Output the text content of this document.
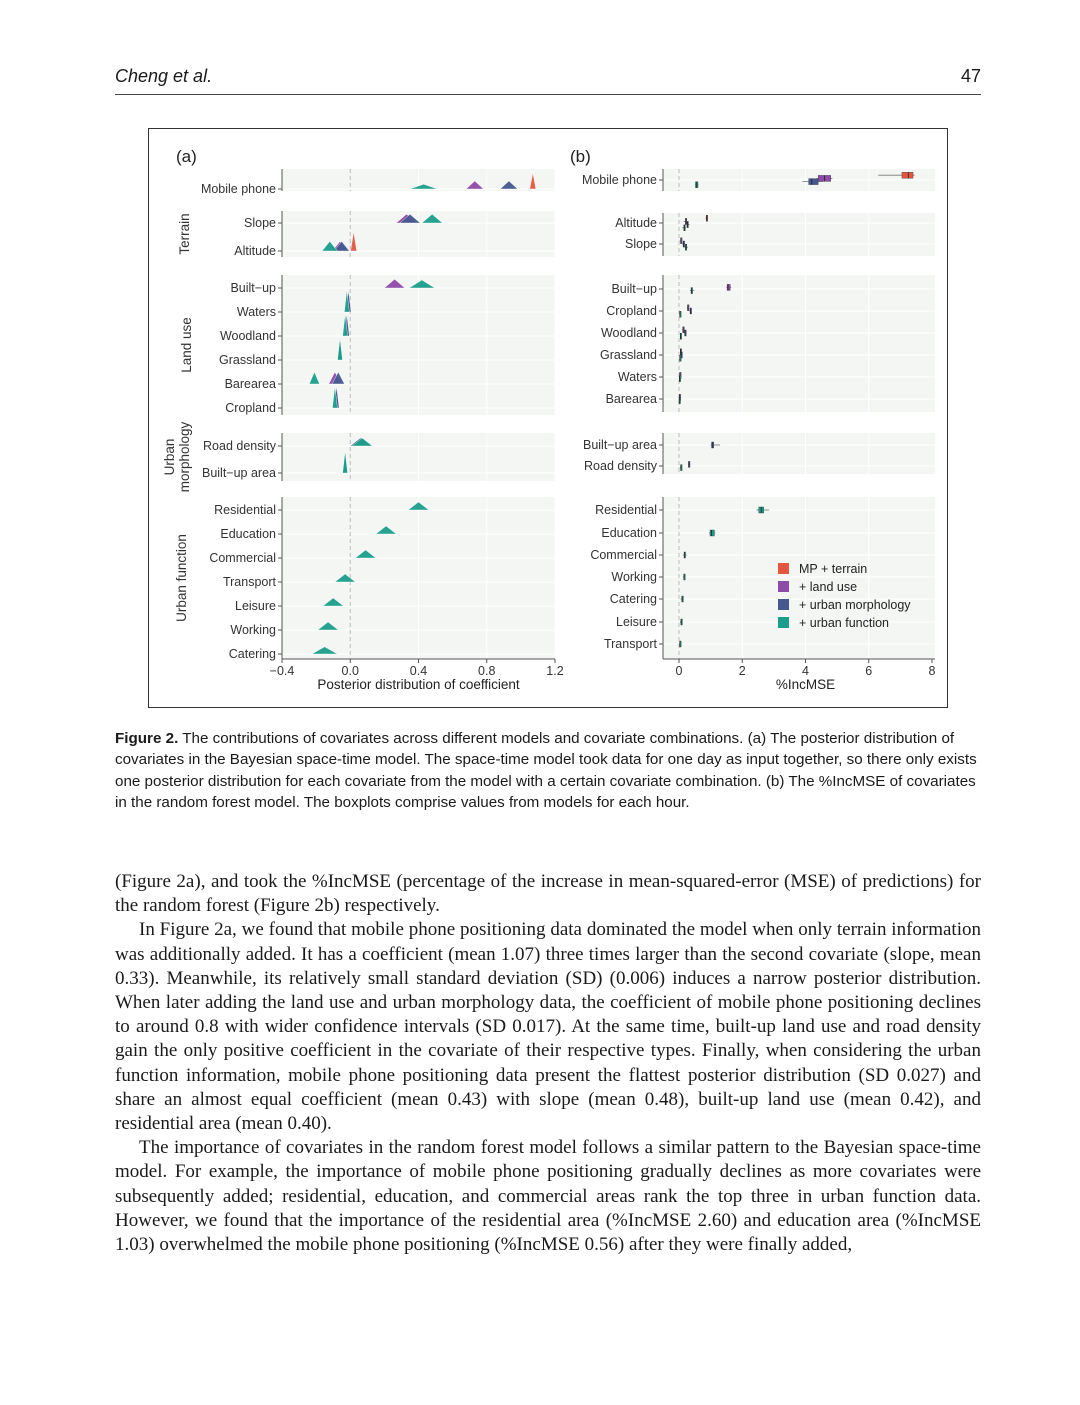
Cheng et al.	47
(a)
Mobile phone
Slope
Altitude
Terrain
Built−up
Waters
Woodland
Grassland
Barearea
Cropland
Land use
Road density
Built−up area
Urban morphology
Residential
Education
Commercial
Transport
Leisure
Working
Catering
Urban function
−0.4	0.0	0.4	0.8	1.2
Posterior distribution of coefficient
(b)
Mobile phone
Altitude
Slope
Built−up
Cropland
Woodland
Grassland
Waters
Barearea
Built−up area
Road density
Residential
Education
Commercial
Working
Catering
Leisure
Transport
0	2	4	6	8
%IncMSE
MP + terrain
+ land use
+ urban morphology
+ urban function
Figure 2. The contributions of covariates across different models and covariate combinations. (a) The posterior distribution of covariates in the Bayesian space-time model. The space-time model took data for one day as input together, so there only exists one posterior distribution for each covariate from the model with a certain covariate combination. (b) The %IncMSE of covariates in the random forest model. The boxplots comprise values from models for each hour.

(Figure 2a), and took the %IncMSE (percentage of the increase in mean-squared-error (MSE) of predictions) for the random forest (Figure 2b) respectively.

In Figure 2a, we found that mobile phone positioning data dominated the model when only terrain information was additionally added. It has a coefficient (mean 1.07) three times larger than the second covariate (slope, mean 0.33). Meanwhile, its relatively small standard deviation (SD) (0.006) induces a narrow posterior distribution. When later adding the land use and urban morphology data, the coefficient of mobile phone positioning declines to around 0.8 with wider confidence intervals (SD 0.017). At the same time, built-up land use and road density gain the only positive coefficient in the covariate of their respective types. Finally, when considering the urban function information, mobile phone positioning data present the flattest posterior distribution (SD 0.027) and share an almost equal coefficient (mean 0.43) with slope (mean 0.48), built-up land use (mean 0.42), and residential area (mean 0.40).

The importance of covariates in the random forest model follows a similar pattern to the Bayesian space-time model. For example, the importance of mobile phone positioning gradually declines as more covariates were subsequently added; residential, education, and commercial areas rank the top three in urban function data. However, we found that the importance of the residential area (%IncMSE 2.60) and education area (%IncMSE 1.03) overwhelmed the mobile phone positioning (%IncMSE 0.56) after they were finally added,
